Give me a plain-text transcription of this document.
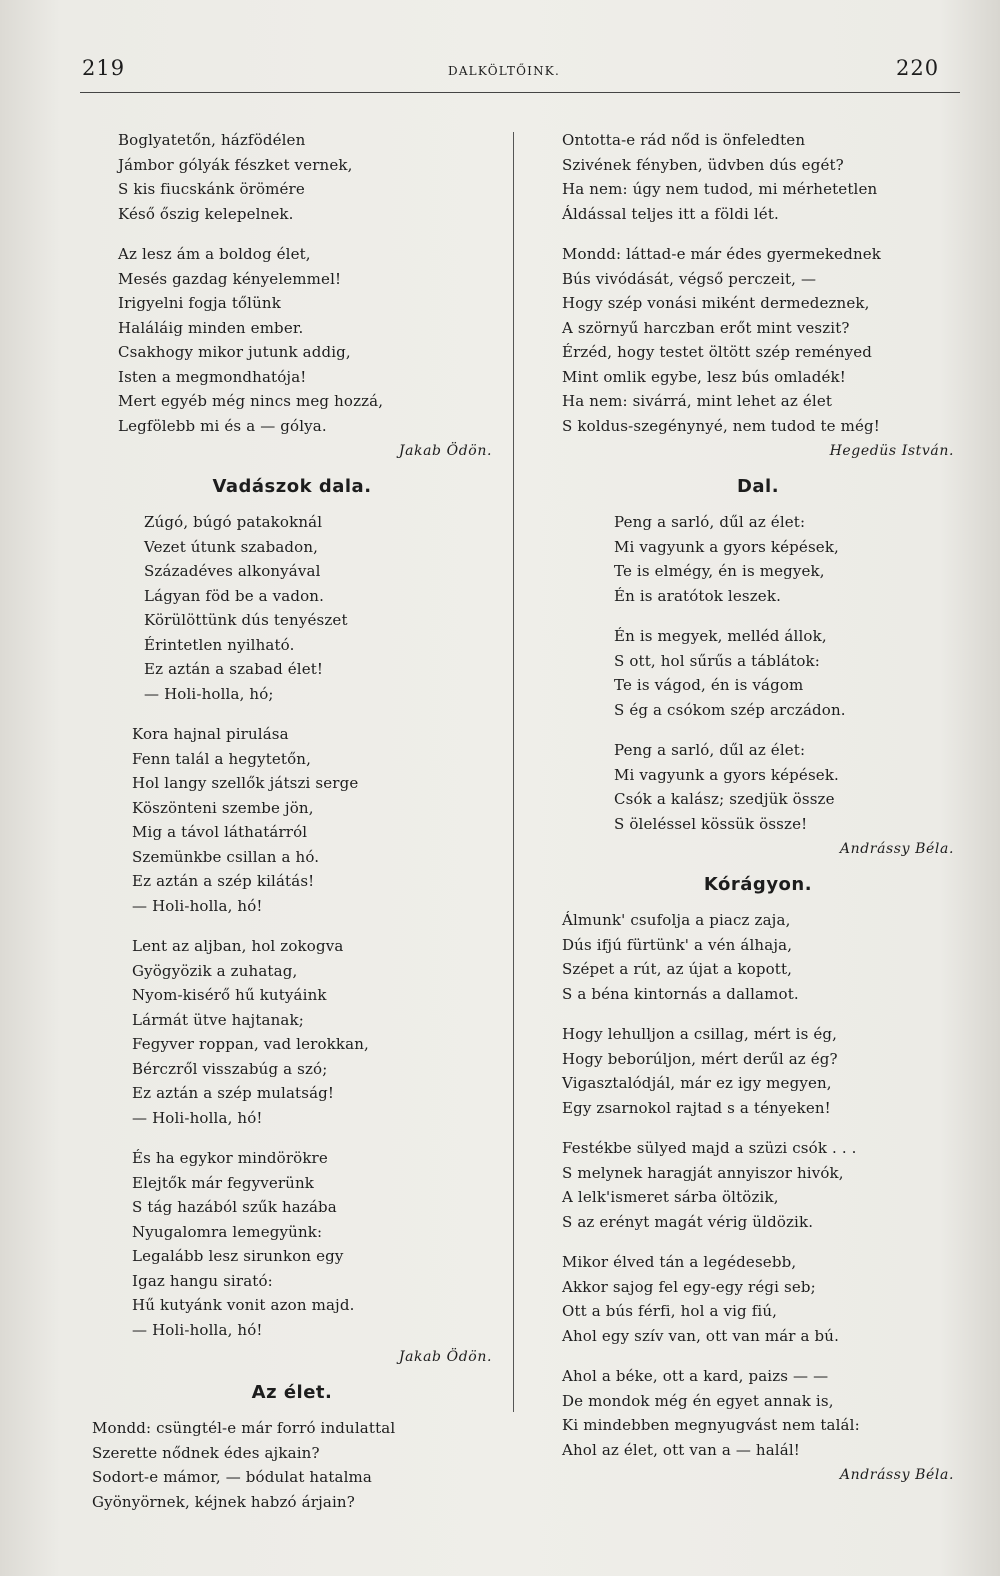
219	DALKÖLTŐINK.	220
Boglyatetőn, házfödélen
Jámbor gólyák fészket vernek,
S kis fiucskánk örömére
Késő őszig kelepelnek.
Az lesz ám a boldog élet,
Mesés gazdag kényelemmel!
Irigyelni fogja tőlünk
Haláláig minden ember.
Csakhogy mikor jutunk addig,
Isten a megmondhatója!
Mert egyéb még nincs meg hozzá,
Legfölebb mi és a — gólya.
Jakab Ödön.
Vadászok dala.
Zúgó, búgó patakoknál
Vezet útunk szabadon,
Századéves alkonyával
Lágyan föd be a vadon.
Körülöttünk dús tenyészet
Érintetlen nyilható.
Ez aztán a szabad élet!
— Holi-holla, hó;
Kora hajnal pirulása
Fenn talál a hegytetőn,
Hol langy szellők játszi serge
Köszönteni szembe jön,
Mig a távol láthatárról
Szemünkbe csillan a hó.
Ez aztán a szép kilátás!
— Holi-holla, hó!
Lent az aljban, hol zokogva
Gyögyözik a zuhatag,
Nyom-kisérő hű kutyáink
Lármát ütve hajtanak;
Fegyver roppan, vad lerokkan,
Bérczről visszabúg a szó;
Ez aztán a szép mulatság!
— Holi-holla, hó!
És ha egykor mindörökre
Elejtők már fegyverünk
S tág hazából szűk hazába
Nyugalomra lemegyünk:
Legalább lesz sirunkon egy
Igaz hangu sirató:
Hű kutyánk vonit azon majd.
— Holi-holla, hó!
Jakab Ödön.
Az élet.
Mondd: csüngtél-e már forró indulattal
Szerette nődnek édes ajkain?
Sodort-e mámor, — bódulat hatalma
Gyönyörnek, kéjnek habzó árjain?
Ontotta-e rád nőd is önfeledten
Szivének fényben, üdvben dús egét?
Ha nem: úgy nem tudod, mi mérhetetlen
Áldással teljes itt a földi lét.
Mondd: láttad-e már édes gyermekednek
Bús vivódását, végső perczeit, —
Hogy szép vonási miként dermedeznek,
A szörnyű harczban erőt mint veszit?
Érzéd, hogy testet öltött szép reményed
Mint omlik egybe, lesz bús omladék!
Ha nem: sivárrá, mint lehet az élet
S koldus-szegénynyé, nem tudod te még!
Hegedüs István.
Dal.
Peng a sarló, dűl az élet:
Mi vagyunk a gyors képések,
Te is elmégy, én is megyek,
Én is aratótok leszek.
Én is megyek, melléd állok,
S ott, hol sűrűs a táblátok:
Te is vágod, én is vágom
S ég a csókom szép arczádon.
Peng a sarló, dűl az élet:
Mi vagyunk a gyors képések.
Csók a kalász; szedjük össze
S öleléssel kössük össze!
Andrássy Béla.
Kórágyon.
Álmunk' csufolja a piacz zaja,
Dús ifjú fürtünk' a vén álhaja,
Szépet a rút, az újat a kopott,
S a béna kintornás a dallamot.
Hogy lehulljon a csillag, mért is ég,
Hogy beborúljon, mért derűl az ég?
Vigasztalódjál, már ez igy megyen,
Egy zsarnokol rajtad s a tényeken!
Festékbe sülyed majd a szüzi csók . . .
S melynek haragját annyiszor hivók,
A lelk'ismeret sárba öltözik,
S az erényt magát vérig üldözik.
Mikor élved tán a legédesebb,
Akkor sajog fel egy-egy régi seb;
Ott a bús férfi, hol a vig fiú,
Ahol egy szív van, ott van már a bú.
Ahol a béke, ott a kard, paizs — —
De mondok még én egyet annak is,
Ki mindebben megnyugvást nem talál:
Ahol az élet, ott van a — halál!
Andrássy Béla.
